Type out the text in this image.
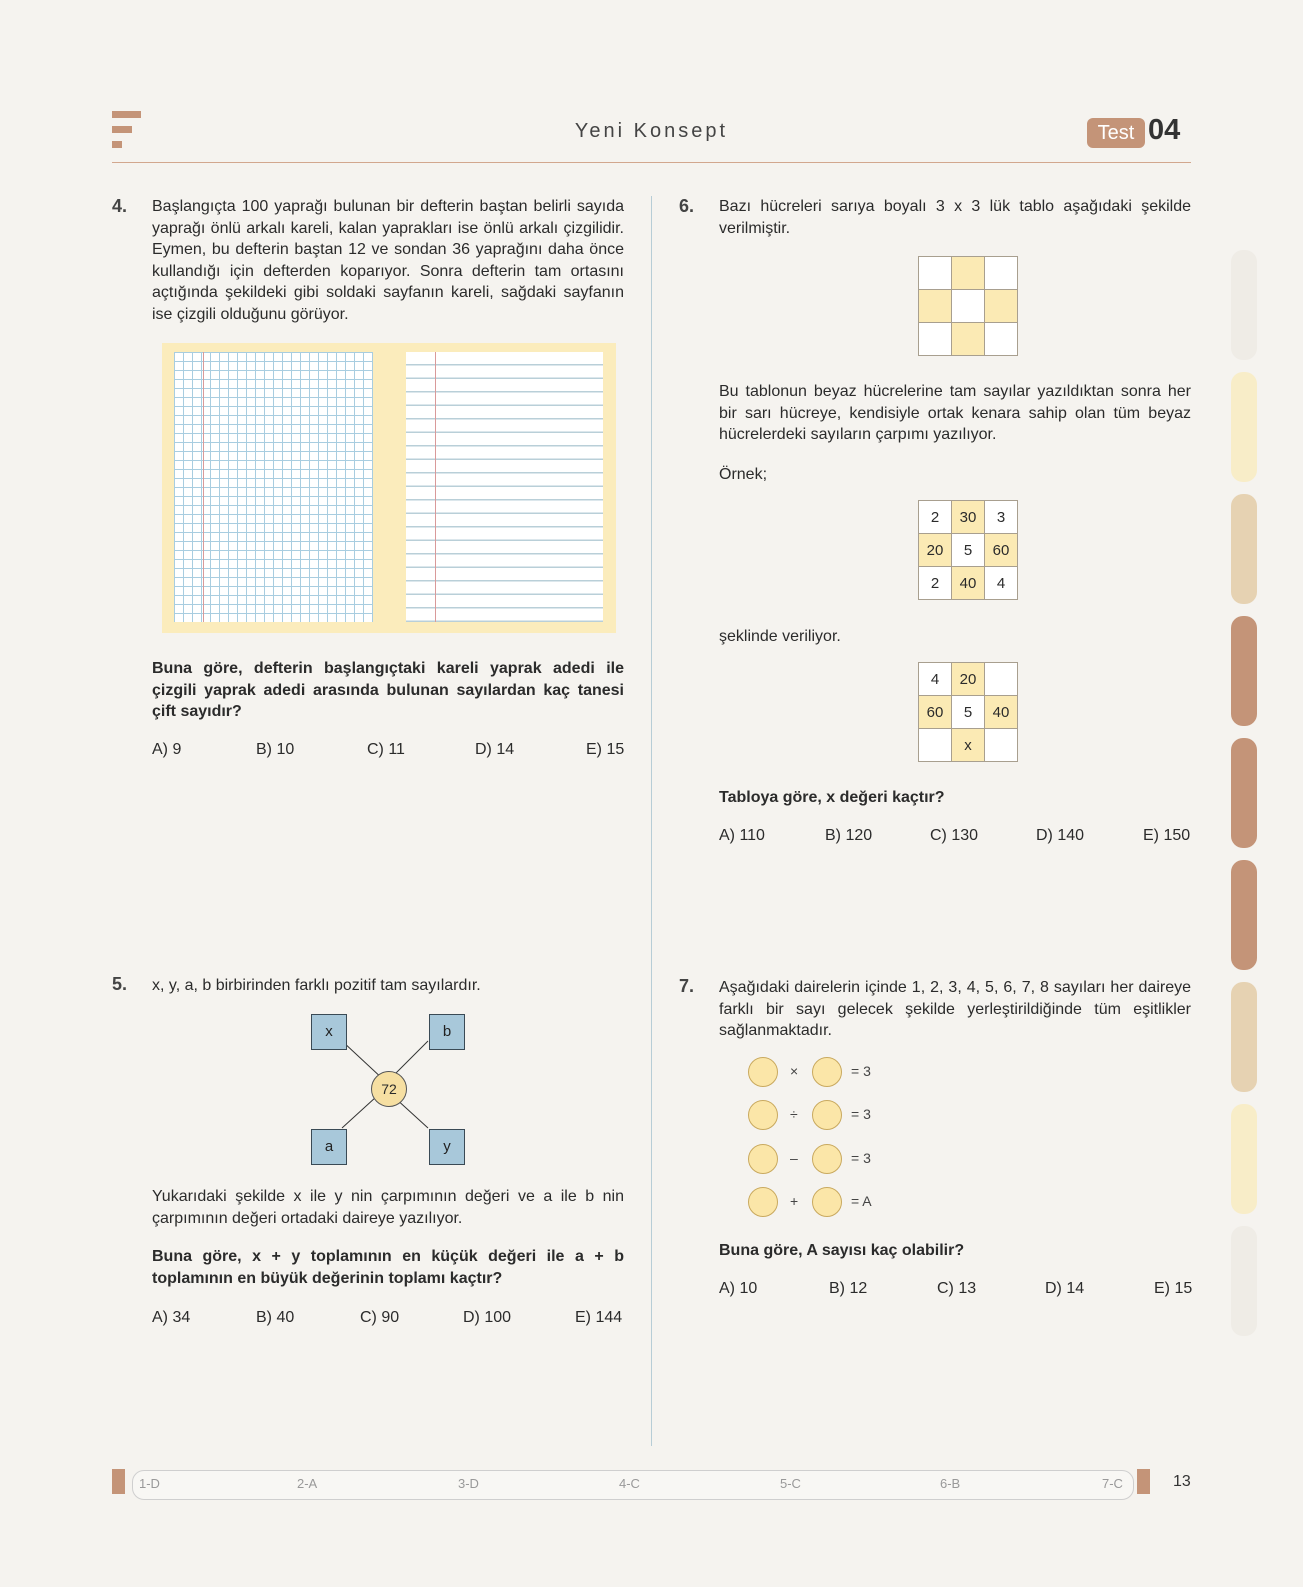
Yeni Konsept	Test 04
4. Başlangıçta 100 yaprağı bulunan bir defterin baştan belirli sayıda yaprağı önlü arkalı kareli, kalan yaprakları ise önlü arkalı çizgilidir. Eymen, bu defterin baştan 12 ve sondan 36 yaprağını daha önce kullandığı için defterden koparıyor. Sonra defterin tam ortasını açtığında şekildeki gibi soldaki sayfanın kareli, sağdaki sayfanın ise çizgili olduğunu görüyor.
Buna göre, defterin başlangıçtaki kareli yaprak adedi ile çizgili yaprak adedi arasında bulunan sayılardan kaç tanesi çift sayıdır?
A) 9	B) 10	C) 11	D) 14	E) 15
5. x, y, a, b birbirinden farklı pozitif tam sayılardır.
x	b
a	y
72
Yukarıdaki şekilde x ile y nin çarpımının değeri ve a ile b nin çarpımının değeri ortadaki daireye yazılıyor.
Buna göre, x + y toplamının en küçük değeri ile a + b toplamının en büyük değerinin toplamı kaçtır?
A) 34	B) 40	C) 90	D) 100	E) 144
6. Bazı hücreleri sarıya boyalı 3 x 3 lük tablo aşağıdaki şekilde verilmiştir.

Bu tablonun beyaz hücrelerine tam sayılar yazıldıktan sonra her bir sarı hücreye, kendisiyle ortak kenara sahip olan tüm beyaz hücrelerdeki sayıların çarpımı yazılıyor.
Örnek;
2	30	3
20	5	60
2	40	4
şeklinde veriliyor.
4	20	
60	5	40
	x	
Tabloya göre, x değeri kaçtır?
A) 110	B) 120	C) 130	D) 140	E) 150
7. Aşağıdaki dairelerin içinde 1, 2, 3, 4, 5, 6, 7, 8 sayıları her daireye farklı bir sayı gelecek şekilde yerleştirildiğinde tüm eşitlikler sağlanmaktadır.
×	= 3
÷	= 3
–	= 3
+	= A
Buna göre, A sayısı kaç olabilir?
A) 10	B) 12	C) 13	D) 14	E) 15
1-D	2-A	3-D	4-C	5-C	6-B	7-C	13
